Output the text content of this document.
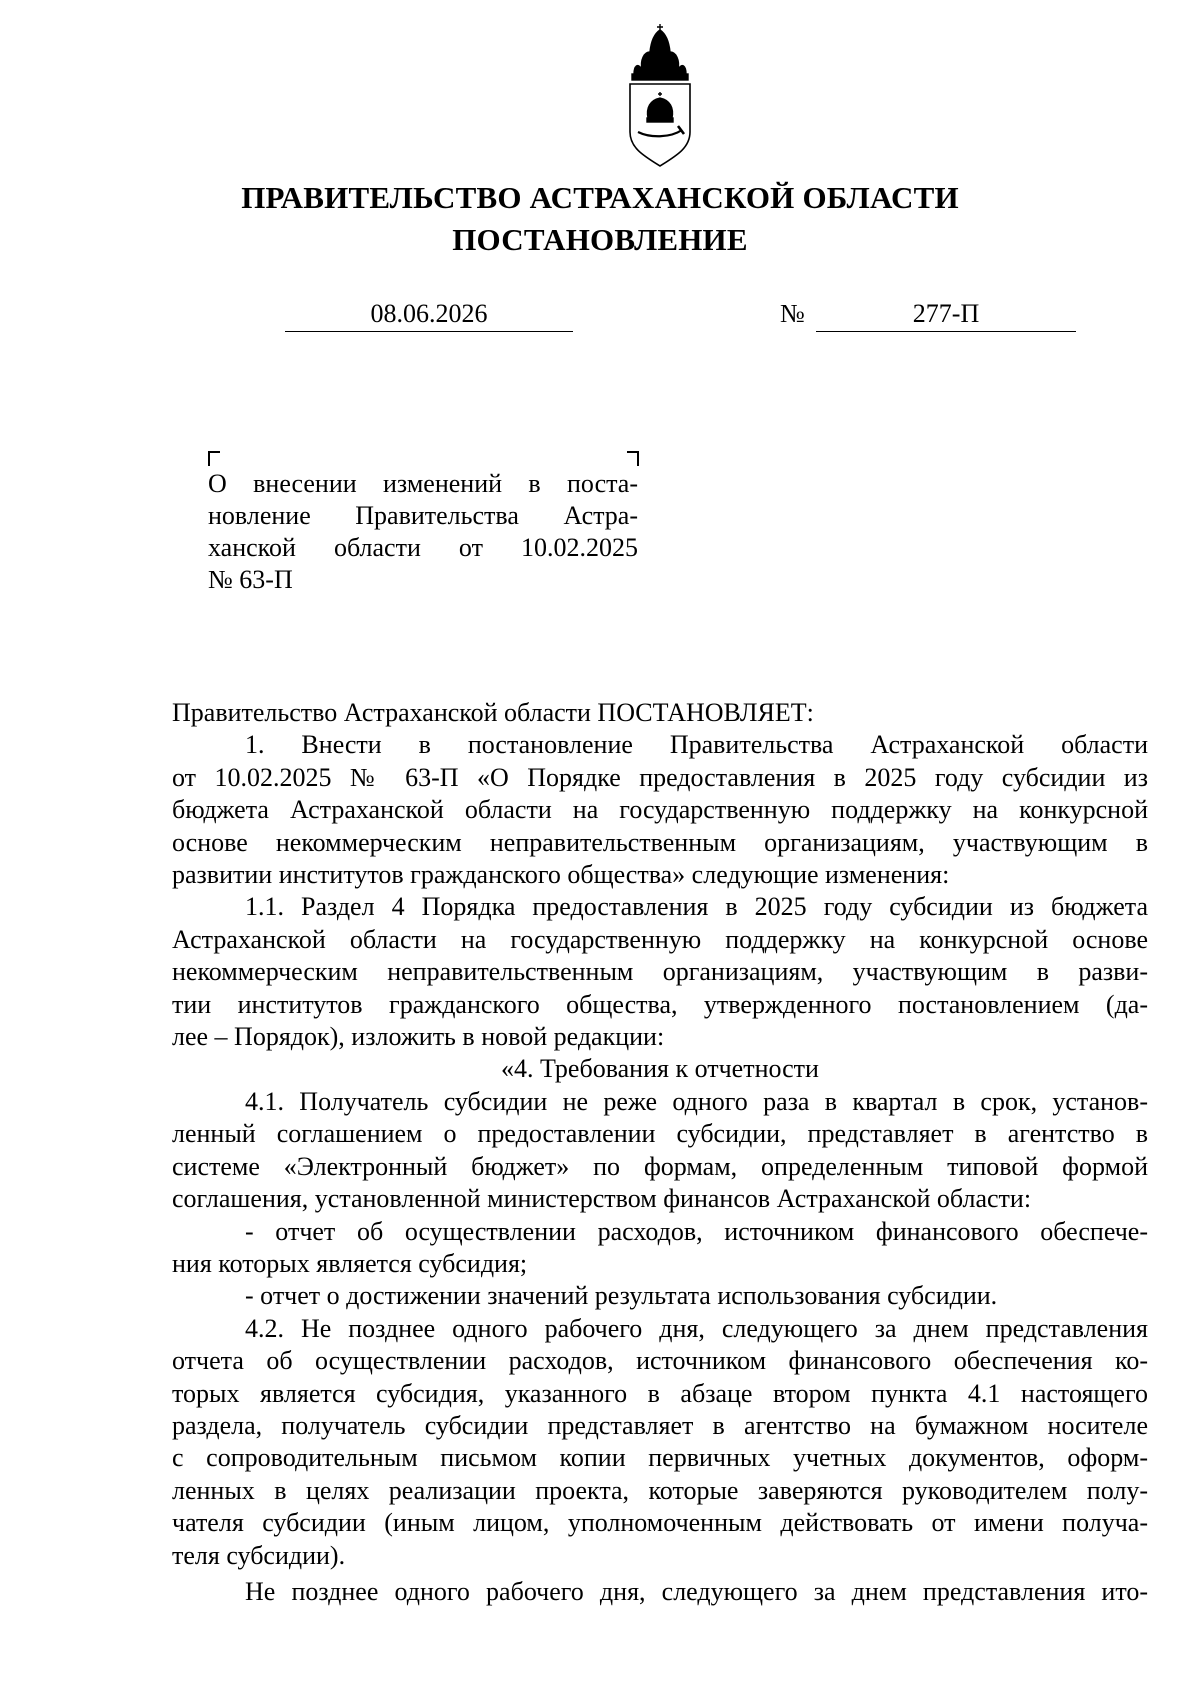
ПРАВИТЕЛЬСТВО АСТРАХАНСКОЙ ОБЛАСТИ
ПОСТАНОВЛЕНИЕ
08.06.2026	№	277-П
О внесении изменений в поста-
новление Правительства Астра-
ханской области от 10.02.2025
№ 63-П
Правительство Астраханской области ПОСТАНОВЛЯЕТ:
1. Внести в постановление Правительства Астраханской области
от 10.02.2025 № 63-П «О Порядке предоставления в 2025 году субсидии из
бюджета Астраханской области на государственную поддержку на конкурсной
основе некоммерческим неправительственным организациям, участвующим в
развитии институтов гражданского общества» следующие изменения:
1.1. Раздел 4 Порядка предоставления в 2025 году субсидии из бюджета
Астраханской области на государственную поддержку на конкурсной основе
некоммерческим неправительственным организациям, участвующим в разви-
тии институтов гражданского общества, утвержденного постановлением (да-
лее – Порядок), изложить в новой редакции:
«4. Требования к отчетности
4.1. Получатель субсидии не реже одного раза в квартал в срок, установ-
ленный соглашением о предоставлении субсидии, представляет в агентство в
системе «Электронный бюджет» по формам, определенным типовой формой
соглашения, установленной министерством финансов Астраханской области:
- отчет об осуществлении расходов, источником финансового обеспече-
ния которых является субсидия;
- отчет о достижении значений результата использования субсидии.
4.2. Не позднее одного рабочего дня, следующего за днем представления
отчета об осуществлении расходов, источником финансового обеспечения ко-
торых является субсидия, указанного в абзаце втором пункта 4.1 настоящего
раздела, получатель субсидии представляет в агентство на бумажном носителе
с сопроводительным письмом копии первичных учетных документов, оформ-
ленных в целях реализации проекта, которые заверяются руководителем полу-
чателя субсидии (иным лицом, уполномоченным действовать от имени получа-
теля субсидии).
Не позднее одного рабочего дня, следующего за днем представления ито-
